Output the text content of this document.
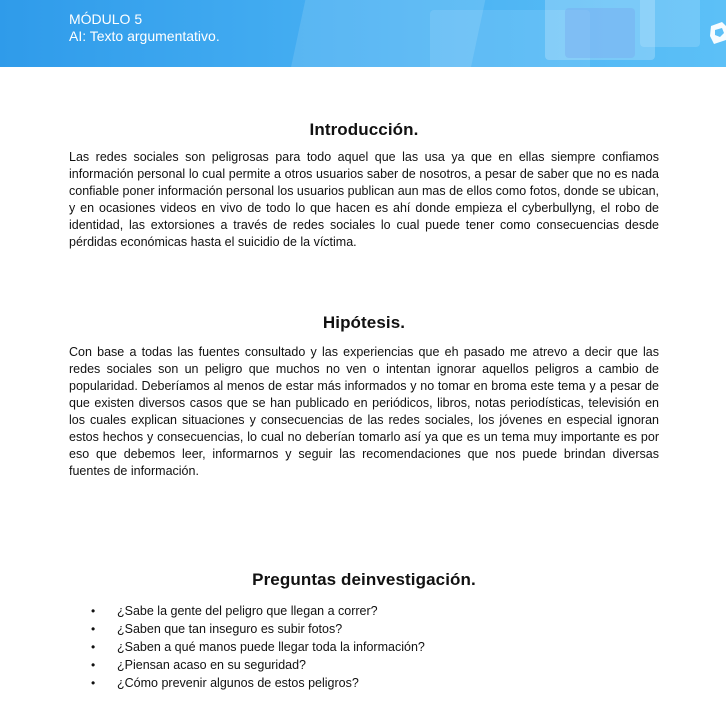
MÓDULO 5
AI: Texto argumentativo.
Introducción.

Las redes sociales son peligrosas para todo aquel que las usa ya que en ellas siempre confiamos información personal lo cual permite a otros usuarios saber de nosotros, a pesar de saber que no es nada confiable poner información personal los usuarios publican aun mas de ellos como fotos, donde se ubican, y en ocasiones videos en vivo de todo lo que hacen es ahí donde empieza el cyberbullyng, el robo de identidad, las extorsiones a través de redes sociales lo cual puede tener como consecuencias desde pérdidas económicas hasta el suicidio de la víctima.

Hipótesis.

Con base a todas las fuentes consultado y las experiencias que eh pasado me atrevo a decir que las redes sociales son un peligro que muchos no ven o intentan ignorar aquellos peligros a cambio de popularidad. Deberíamos al menos de estar más informados y no tomar en broma este tema y a pesar de que existen diversos casos que se han publicado en periódicos, libros, notas periodísticas, televisión en los cuales explican situaciones y consecuencias de las redes sociales, los jóvenes en especial ignoran estos hechos y consecuencias, lo cual no deberían tomarlo así ya que es un tema muy importante es por eso que debemos leer, informarnos y seguir las recomendaciones que nos puede brindan diversas fuentes de información.

Preguntas deinvestigación.
• ¿Sabe la gente del peligro que llegan a correr?
• ¿Saben que tan inseguro es subir fotos?
• ¿Saben a qué manos puede llegar toda la información?
• ¿Piensan acaso en su seguridad?
• ¿Cómo prevenir algunos de estos peligros?
